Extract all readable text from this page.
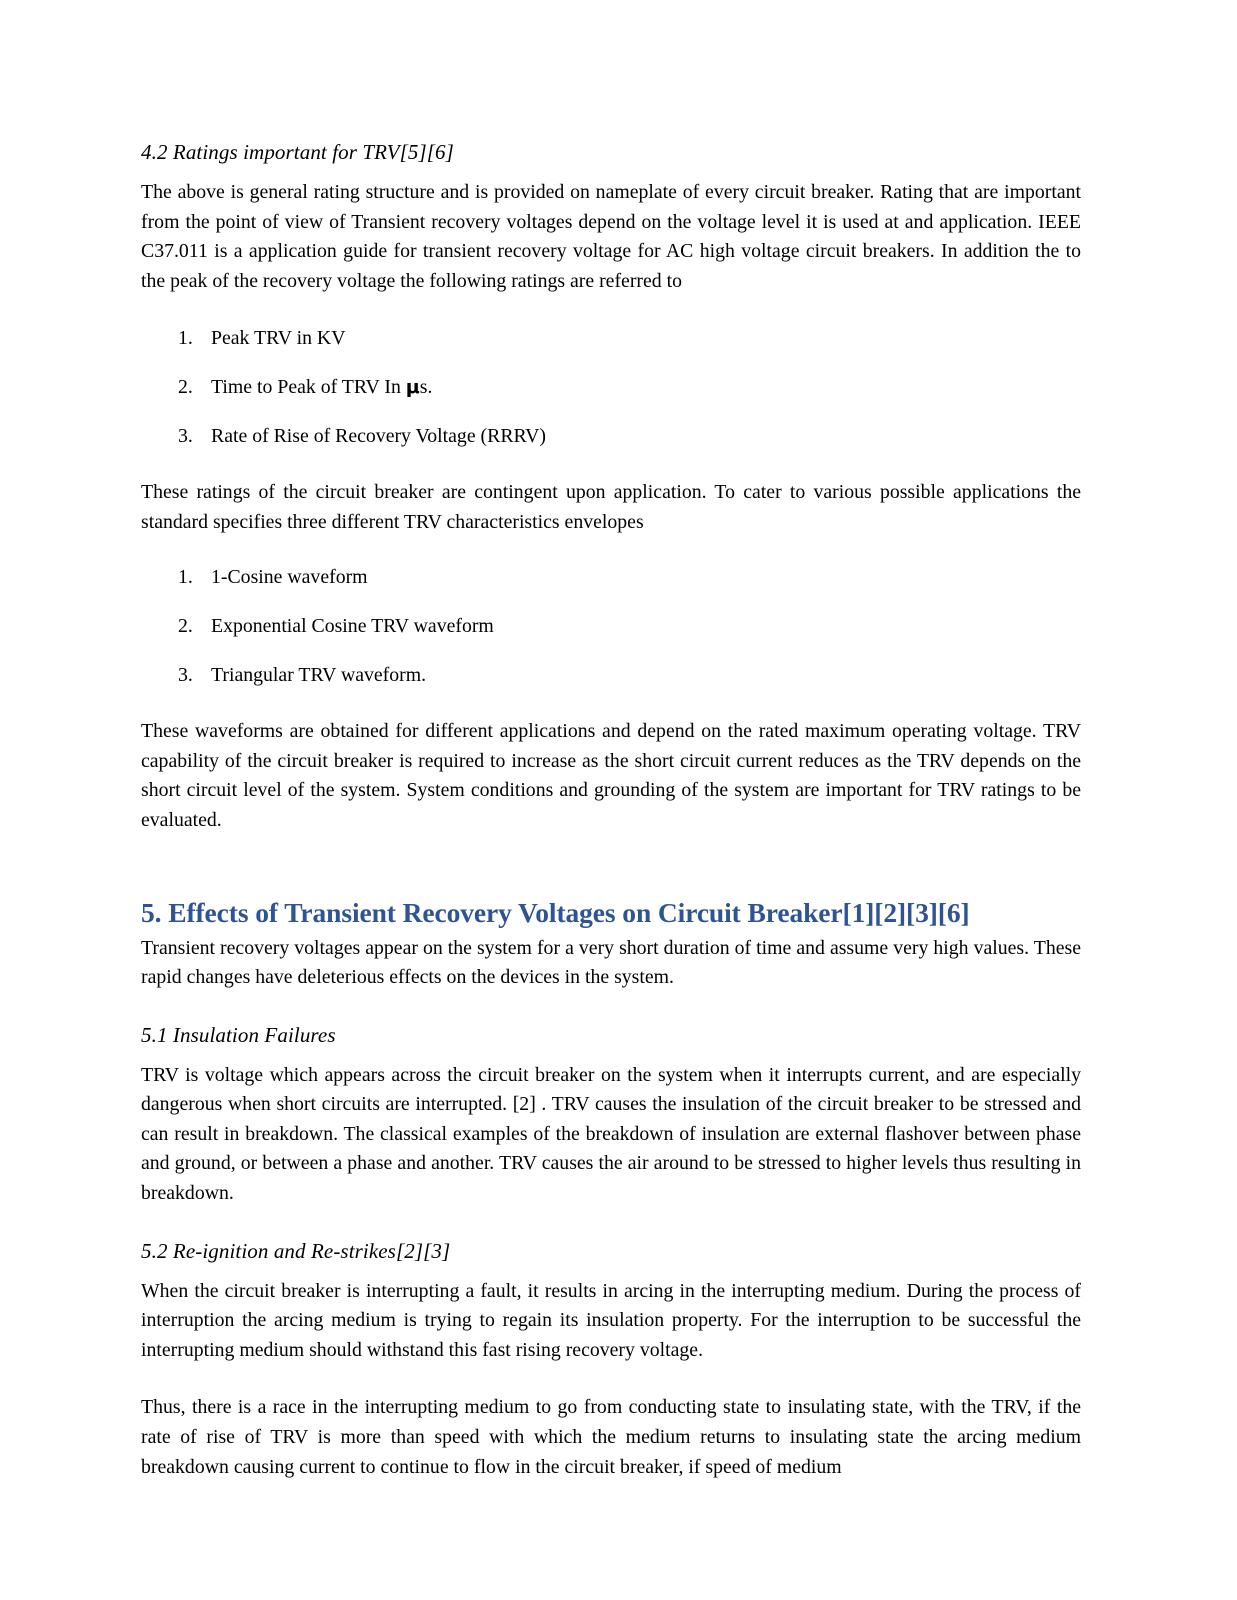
4.2 Ratings important for TRV[5][6]

The above is general rating structure and is provided on nameplate of every circuit breaker. Rating that are important from the point of view of Transient recovery voltages depend on the voltage level it is used at and application. IEEE C37.011 is a application guide for transient recovery voltage for AC high voltage circuit breakers. In addition the to the peak of the recovery voltage the following ratings are referred to

1. Peak TRV in KV
2. Time to Peak of TRV In μs.
3. Rate of Rise of Recovery Voltage (RRRV)

These ratings of the circuit breaker are contingent upon application. To cater to various possible applications the standard specifies three different TRV characteristics envelopes

1. 1-Cosine waveform
2. Exponential Cosine TRV waveform
3. Triangular TRV waveform.

These waveforms are obtained for different applications and depend on the rated maximum operating voltage. TRV capability of the circuit breaker is required to increase as the short circuit current reduces as the TRV depends on the short circuit level of the system. System conditions and grounding of the system are important for TRV ratings to be evaluated.

5. Effects of Transient Recovery Voltages on Circuit Breaker[1][2][3][6]

Transient recovery voltages appear on the system for a very short duration of time and assume very high values. These rapid changes have deleterious effects on the devices in the system.

5.1 Insulation Failures

TRV is voltage which appears across the circuit breaker on the system when it interrupts current, and are especially dangerous when short circuits are interrupted. [2] . TRV causes the insulation of the circuit breaker to be stressed and can result in breakdown. The classical examples of the breakdown of insulation are external flashover between phase and ground, or between a phase and another. TRV causes the air around to be stressed to higher levels thus resulting in breakdown.

5.2 Re-ignition and Re-strikes[2][3]

When the circuit breaker is interrupting a fault, it results in arcing in the interrupting medium. During the process of interruption the arcing medium is trying to regain its insulation property. For the interruption to be successful the interrupting medium should withstand this fast rising recovery voltage.

Thus, there is a race in the interrupting medium to go from conducting state to insulating state, with the TRV, if the rate of rise of TRV is more than speed with which the medium returns to insulating state the arcing medium breakdown causing current to continue to flow in the circuit breaker, if speed of medium
